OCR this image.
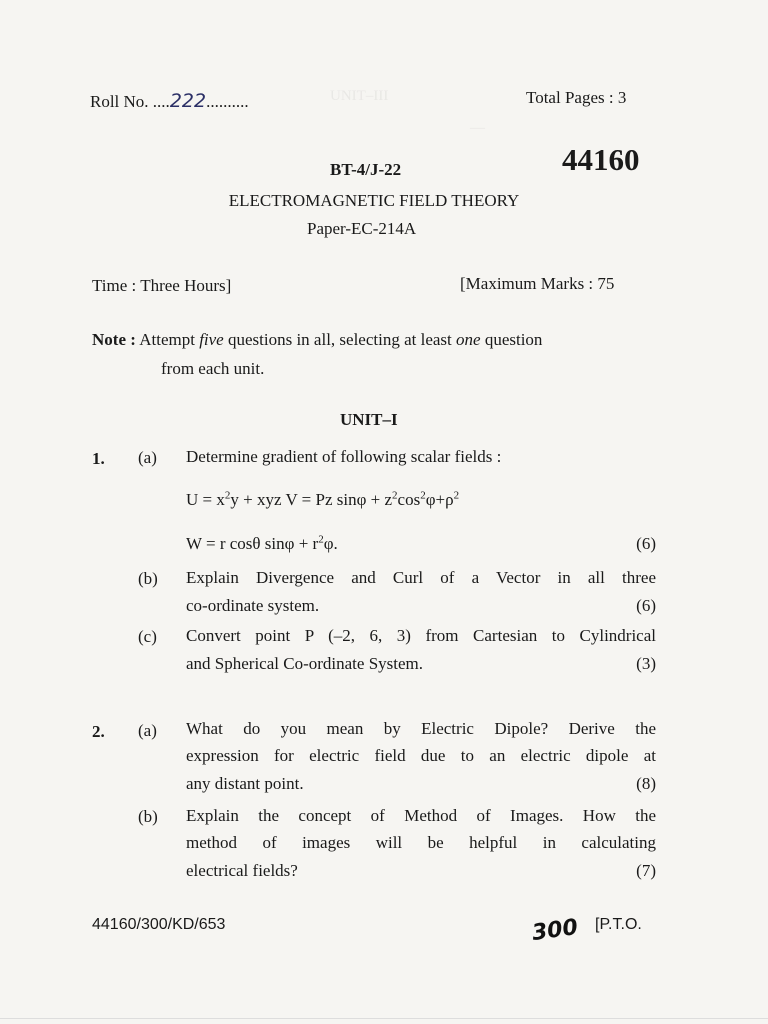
UNIT–III
—
Roll No. ....222..........	Total Pages : 3
BT-4/J-22	44160
ELECTROMAGNETIC FIELD THEORY
Paper-EC-214A
Time : Three Hours]	[Maximum Marks : 75
Note : Attempt five questions in all, selecting at least one question
from each unit.
UNIT–I
1. (a) Determine gradient of following scalar fields :
$U = x^2y$ + xyz V = Pz $\sin\varphi + z^2\cos^2\varphi+\rho^2$
W = r cosθ $\sin\varphi + r^2\varphi$.	(6)
(b) Explain Divergence and Curl of a Vector in all three
co-ordinate system.	(6)
(c) Convert point P (–2, 6, 3) from Cartesian to Cylindrical
and Spherical Co-ordinate System.	(3)
2. (a) What do you mean by Electric Dipole? Derive the
expression for electric field due to an electric dipole at
any distant point.	(8)
(b) Explain the concept of Method of Images. How the
method of images will be helpful in calculating
electrical fields?	(7)
44160/300/KD/653	300 [P.T.O.
